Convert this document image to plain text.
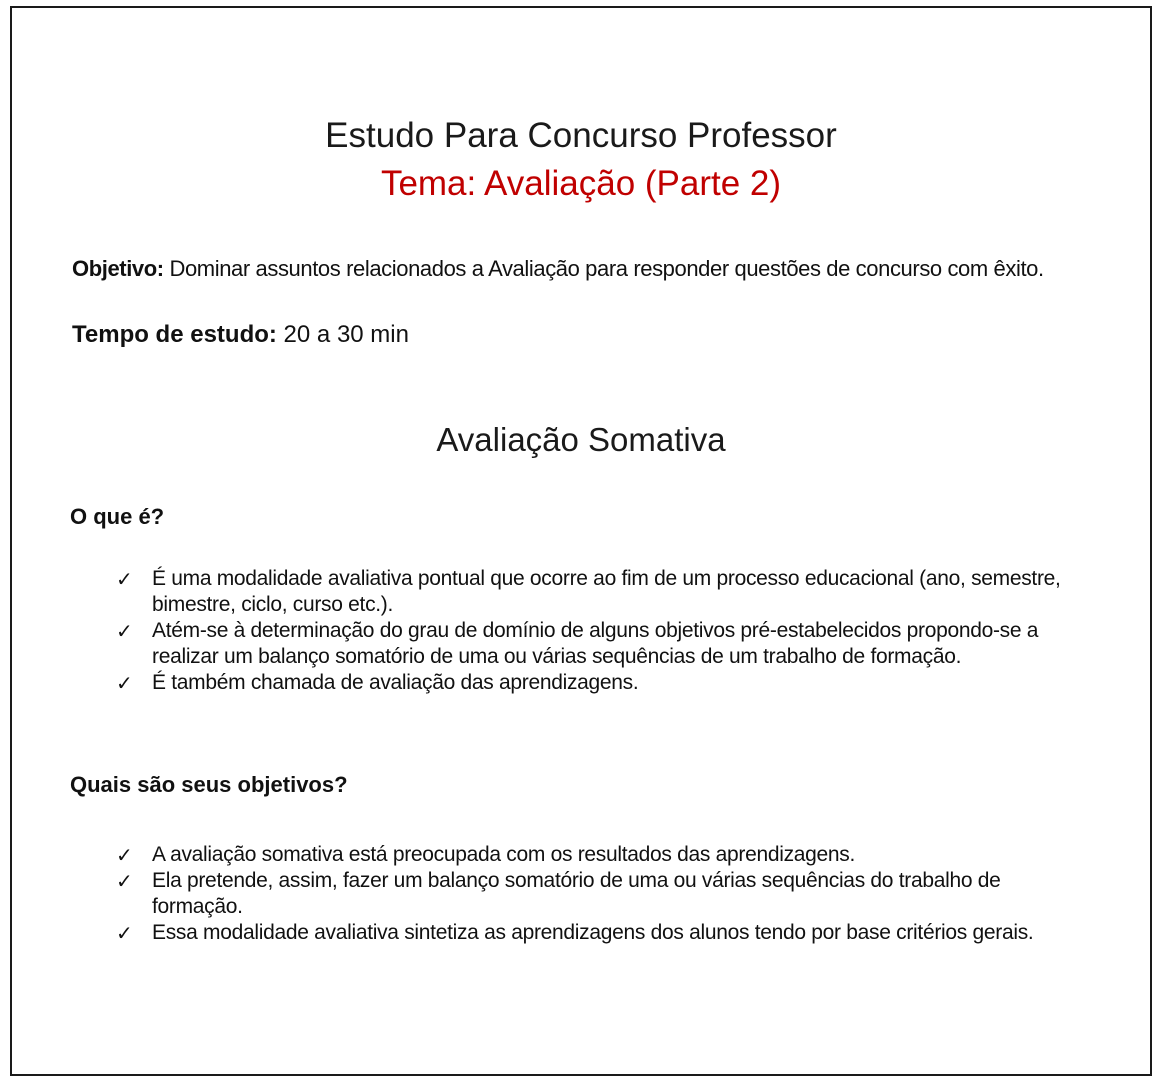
Estudo Para Concurso Professor
Tema: Avaliação (Parte 2)
Objetivo: Dominar assuntos relacionados a Avaliação para responder questões de concurso com êxito.
Tempo de estudo: 20 a 30 min
Avaliação Somativa
O que é?
✓ É uma modalidade avaliativa pontual que ocorre ao fim de um processo educacional (ano, semestre, bimestre, ciclo, curso etc.).
✓ Atém-se à determinação do grau de domínio de alguns objetivos pré-estabelecidos propondo-se a realizar um balanço somatório de uma ou várias sequências de um trabalho de formação.
✓ É também chamada de avaliação das aprendizagens.
Quais são seus objetivos?
✓ A avaliação somativa está preocupada com os resultados das aprendizagens.
✓ Ela pretende, assim, fazer um balanço somatório de uma ou várias sequências do trabalho de formação.
✓ Essa modalidade avaliativa sintetiza as aprendizagens dos alunos tendo por base critérios gerais.
